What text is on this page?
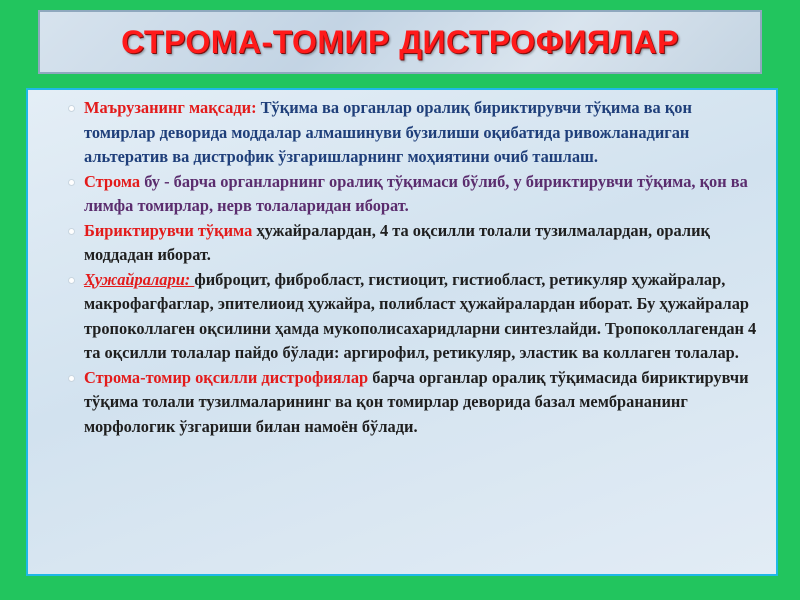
СТРОМА-ТОМИР ДИСТРОФИЯЛАР

Маърузанинг мақсади: Тўқима ва органлар оралиқ бириктирувчи тўқима ва қон томирлар деворида моддалар алмашинуви бузилиши оқибатида ривожланадиган альтератив ва дистрофик ўзгаришларнинг моҳиятини очиб ташлаш.

Строма бу - барча органларнинг оралиқ тўқимаси бўлиб, у бириктирувчи тўқима, қон ва лимфа томирлар, нерв толаларидан иборат.

Бириктирувчи тўқима ҳужайралардан, 4 та оқсилли толали тузилмалардан, оралиқ моддадан иборат.

Ҳужайралари: фиброцит, фибробласт, гистиоцит, гистиобласт, ретикуляр ҳужайралар, макрофагфаглар, эпителиоид ҳужайра, полибласт ҳужайралардан иборат. Бу ҳужайралар тропоколлаген оқсилини ҳамда мукополисахаридларни синтезлайди. Тропоколлагендан 4 та оқсилли толалар пайдо бўлади: аргирофил, ретикуляр, эластик ва коллаген толалар.

Строма-томир оқсилли дистрофиялар барча органлар оралиқ тўқимасида бириктирувчи тўқима толали тузилмаларининг ва қон томирлар деворида базал мембрананинг морфологик ўзгариши билан намоён бўлади.
